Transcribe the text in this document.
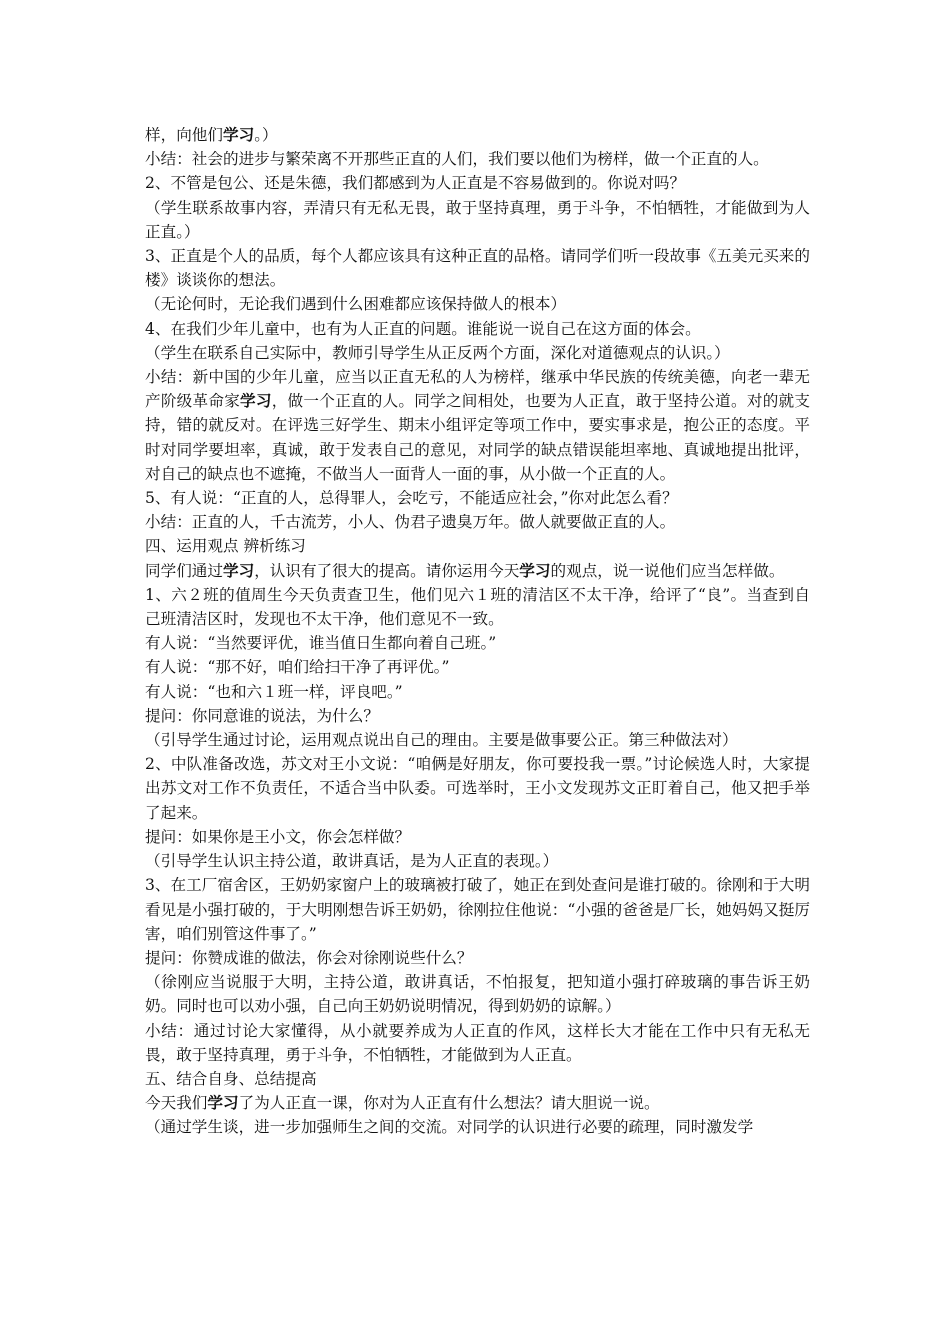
样，向他们学习。）

小结：社会的进步与繁荣离不开那些正直的人们，我们要以他们为榜样，做一个正直的人。

2、不管是包公、还是朱德，我们都感到为人正直是不容易做到的。你说对吗？

（学生联系故事内容，弄清只有无私无畏，敢于坚持真理，勇于斗争，不怕牺牲，才能做到为人正直。）

3、正直是个人的品质，每个人都应该具有这种正直的品格。请同学们听一段故事《五美元买来的楼》谈谈你的想法。

（无论何时，无论我们遇到什么困难都应该保持做人的根本）

4、在我们少年儿童中，也有为人正直的问题。谁能说一说自己在这方面的体会。

（学生在联系自己实际中，教师引导学生从正反两个方面，深化对道德观点的认识。）

小结：新中国的少年儿童，应当以正直无私的人为榜样，继承中华民族的传统美德，向老一辈无产阶级革命家学习，做一个正直的人。同学之间相处，也要为人正直，敢于坚持公道。对的就支持，错的就反对。在评选三好学生、期末小组评定等项工作中，要实事求是，抱公正的态度。平时对同学要坦率，真诚，敢于发表自己的意见，对同学的缺点错误能坦率地、真诚地提出批评，对自己的缺点也不遮掩，不做当人一面背人一面的事，从小做一个正直的人。

5、有人说：“正直的人，总得罪人，会吃亏，不能适应社会，”你对此怎么看？

小结：正直的人，千古流芳，小人、伪君子遗臭万年。做人就要做正直的人。

四、运用观点 辨析练习

同学们通过学习，认识有了很大的提高。请你运用今天学习的观点，说一说他们应当怎样做。

1、六２班的值周生今天负责查卫生，他们见六１班的清洁区不太干净，给评了“良”。当查到自己班清洁区时，发现也不太干净，他们意见不一致。

有人说：“当然要评优，谁当值日生都向着自己班。”

有人说：“那不好，咱们给扫干净了再评优。”

有人说：“也和六１班一样，评良吧。”

提问：你同意谁的说法，为什么？

（引导学生通过讨论，运用观点说出自己的理由。主要是做事要公正。第三种做法对）

2、中队准备改选，苏文对王小文说：“咱俩是好朋友，你可要投我一票。”讨论候选人时，大家提出苏文对工作不负责任，不适合当中队委。可选举时，王小文发现苏文正盯着自己，他又把手举了起来。

提问：如果你是王小文，你会怎样做？

（引导学生认识主持公道，敢讲真话，是为人正直的表现。）

3、在工厂宿舍区，王奶奶家窗户上的玻璃被打破了，她正在到处查问是谁打破的。徐刚和于大明看见是小强打破的，于大明刚想告诉王奶奶，徐刚拉住他说：“小强的爸爸是厂长，她妈妈又挺厉害，咱们别管这件事了。”

提问：你赞成谁的做法，你会对徐刚说些什么？

（徐刚应当说服于大明，主持公道，敢讲真话，不怕报复，把知道小强打碎玻璃的事告诉王奶奶。同时也可以劝小强，自己向王奶奶说明情况，得到奶奶的谅解。）

小结：通过讨论大家懂得，从小就要养成为人正直的作风，这样长大才能在工作中只有无私无畏，敢于坚持真理，勇于斗争，不怕牺牲，才能做到为人正直。

五、结合自身、总结提高

今天我们学习了为人正直一课，你对为人正直有什么想法？请大胆说一说。

（通过学生谈，进一步加强师生之间的交流。对同学的认识进行必要的疏理，同时激发学
